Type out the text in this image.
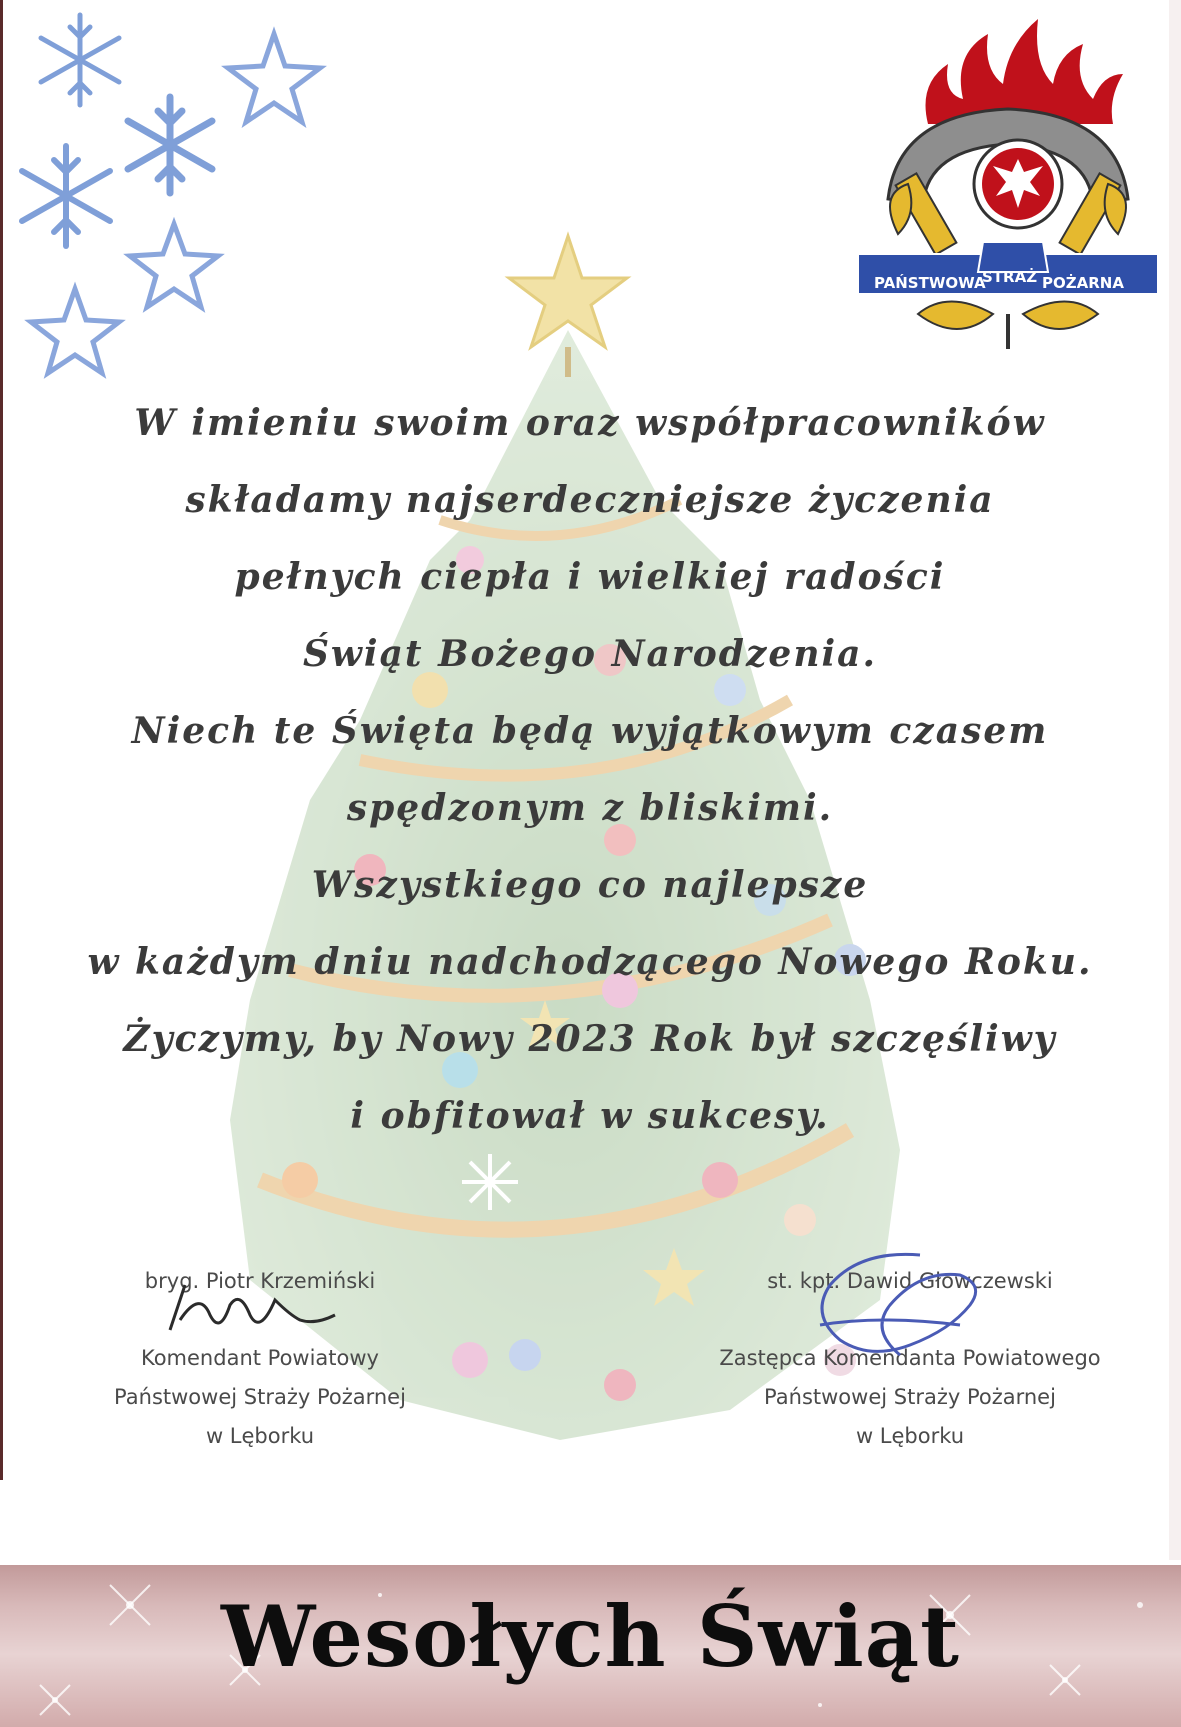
PAŃSTWOWA
STRAŻ POŻARNA
W imieniu swoim oraz współpracowników
składamy najserdeczniejsze życzenia
pełnych ciepła i wielkiej radości
Świąt Bożego Narodzenia.
Niech te Święta będą wyjątkowym czasem
spędzonym z bliskimi.
Wszystkiego co najlepsze
w każdym dniu nadchodzącego Nowego Roku.
Życzymy, by Nowy 2023 Rok był szczęśliwy
i obfitował w sukcesy.
bryg. Piotr Krzemiński
Komendant Powiatowy
Państwowej Straży Pożarnej
w Lęborku
st. kpt. Dawid Głowczewski
Zastępca Komendanta Powiatowego
Państwowej Straży Pożarnej
w Lęborku
Wesołych Świąt
